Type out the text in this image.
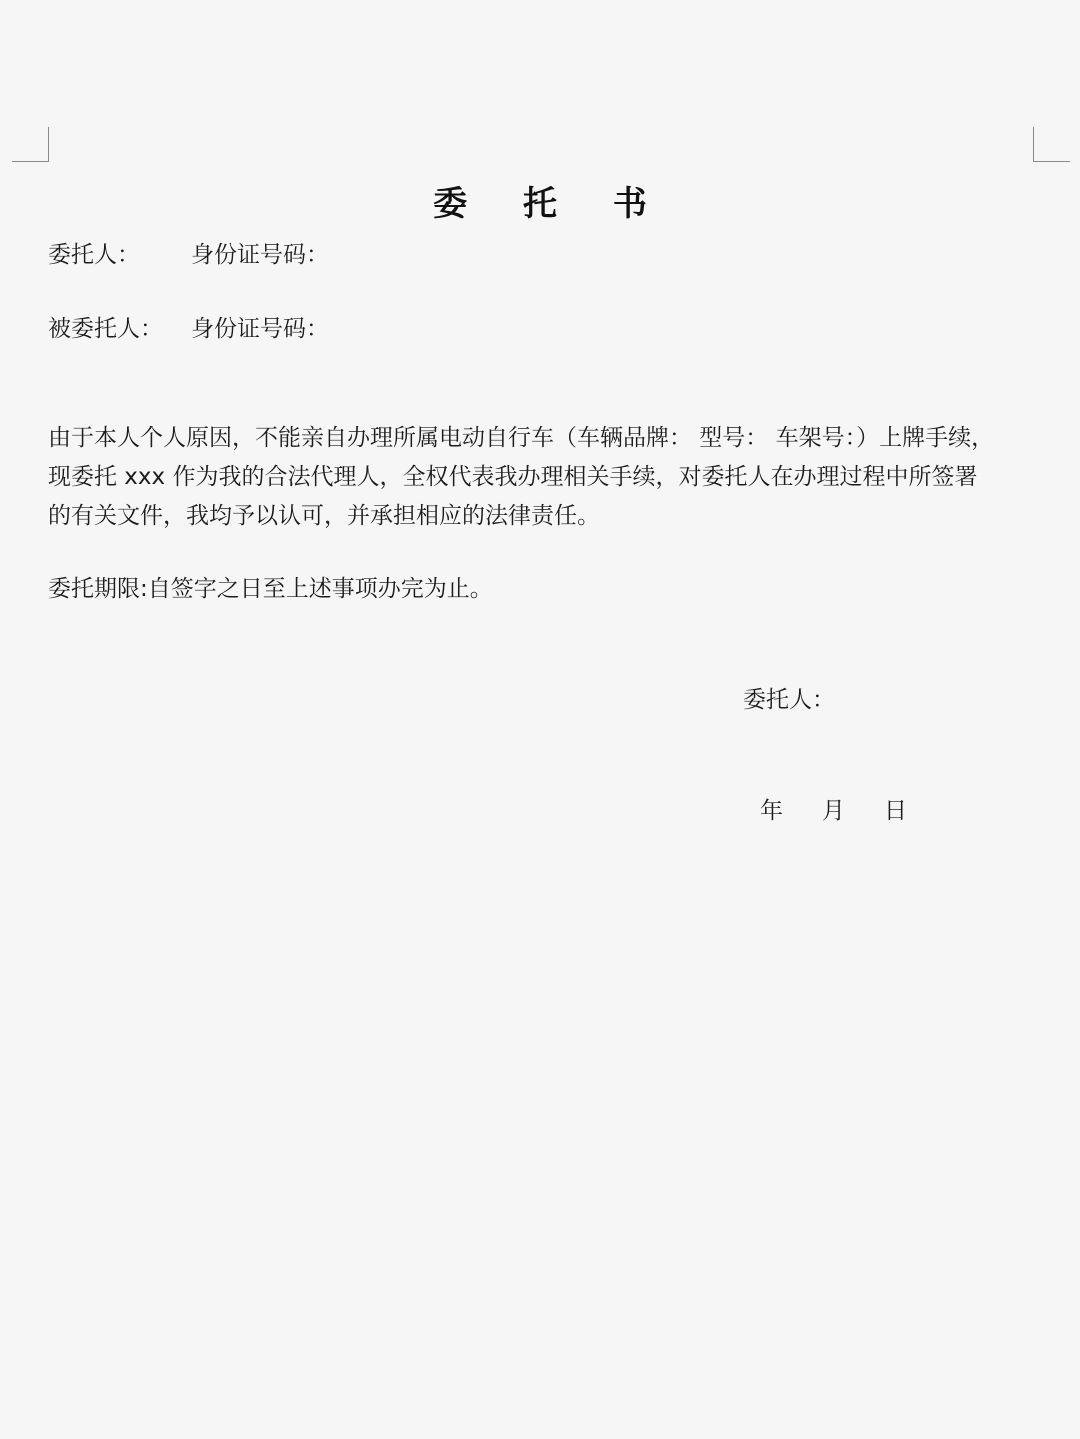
委 托 书
委托人： 身份证号码：
被委托人： 身份证号码：
由于本人个人原因，不能亲自办理所属电动自行车（车辆品牌： 型号： 车架号：）上牌手续，
现委托 xxx 作为我的合法代理人，全权代表我办理相关手续，对委托人在办理过程中所签署
的有关文件，我均予以认可，并承担相应的法律责任。
委托期限:自签字之日至上述事项办完为止。
委托人：
年 月 日
